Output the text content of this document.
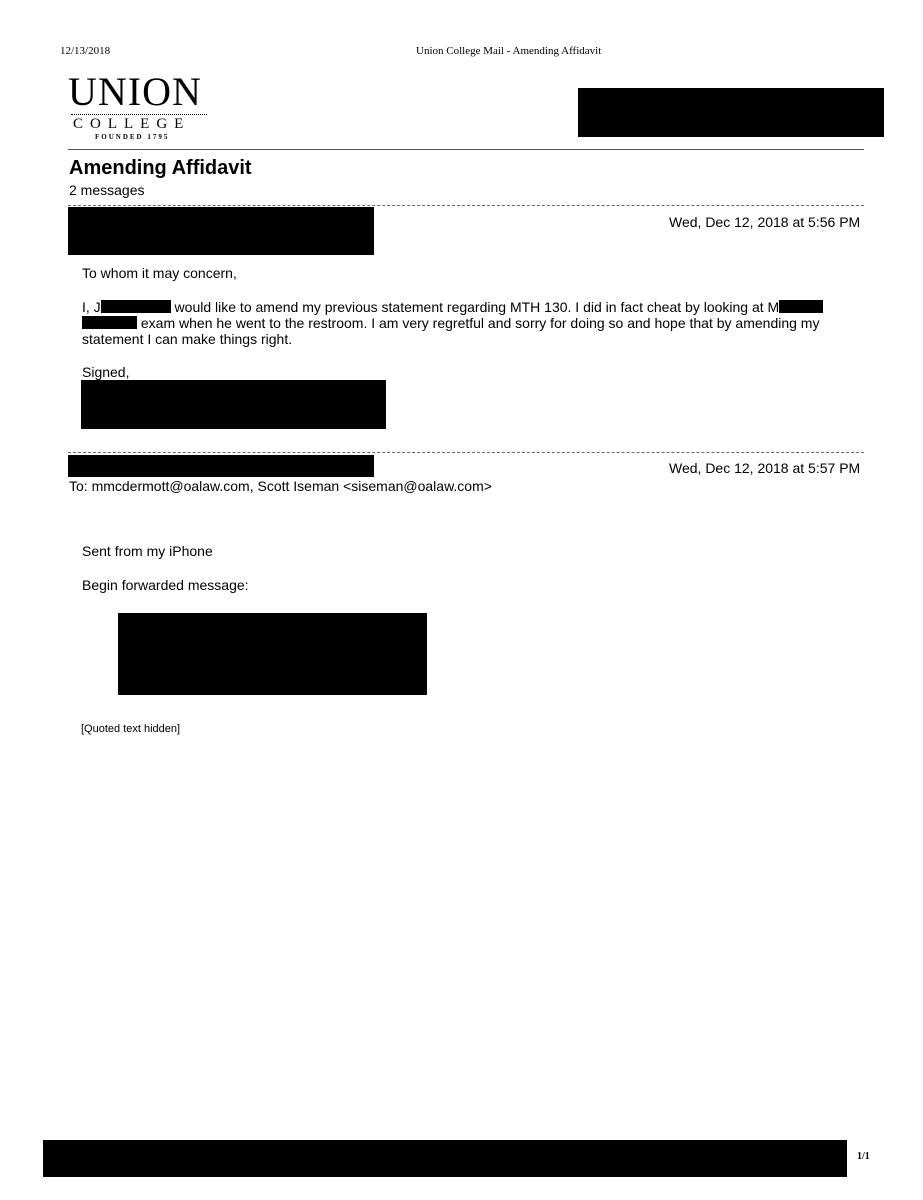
12/13/2018	Union College Mail - Amending Affidavit
UNION
COLLEGE
FOUNDED 1795
Amending Affidavit
2 messages
Wed, Dec 12, 2018 at 5:56 PM
To whom it may concern,
I, J	would like to amend my previous statement regarding MTH 130. I did in fact cheat by looking at M
exam when he went to the restroom. I am very regretful and sorry for doing so and hope that by amending my statement I can make things right.
Signed,
Wed, Dec 12, 2018 at 5:57 PM
To: mmcdermott@oalaw.com, Scott Iseman <siseman@oalaw.com>
Sent from my iPhone
Begin forwarded message:
[Quoted text hidden]
1/1
